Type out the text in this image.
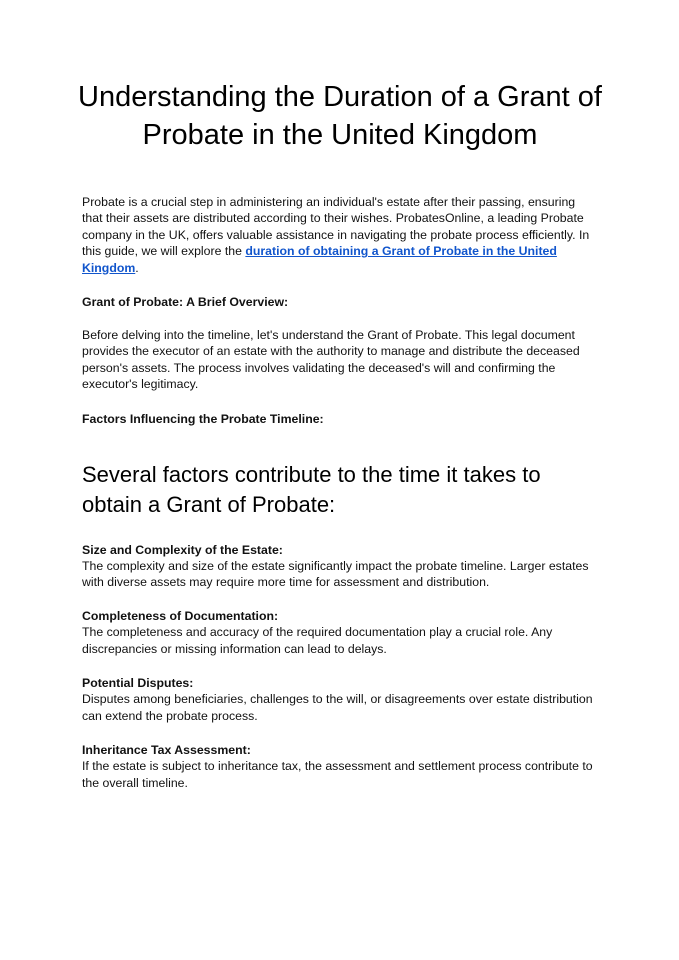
Understanding the Duration of a Grant of Probate in the United Kingdom

Probate is a crucial step in administering an individual's estate after their passing, ensuring that their assets are distributed according to their wishes. ProbatesOnline, a leading Probate company in the UK, offers valuable assistance in navigating the probate process efficiently. In this guide, we will explore the duration of obtaining a Grant of Probate in the United Kingdom.

Grant of Probate: A Brief Overview:

Before delving into the timeline, let's understand the Grant of Probate. This legal document provides the executor of an estate with the authority to manage and distribute the deceased person's assets. The process involves validating the deceased's will and confirming the executor's legitimacy.

Factors Influencing the Probate Timeline:

Several factors contribute to the time it takes to obtain a Grant of Probate:

Size and Complexity of the Estate:

The complexity and size of the estate significantly impact the probate timeline. Larger estates with diverse assets may require more time for assessment and distribution.

Completeness of Documentation:

The completeness and accuracy of the required documentation play a crucial role. Any discrepancies or missing information can lead to delays.

Potential Disputes:

Disputes among beneficiaries, challenges to the will, or disagreements over estate distribution can extend the probate process.

Inheritance Tax Assessment:

If the estate is subject to inheritance tax, the assessment and settlement process contribute to the overall timeline.
